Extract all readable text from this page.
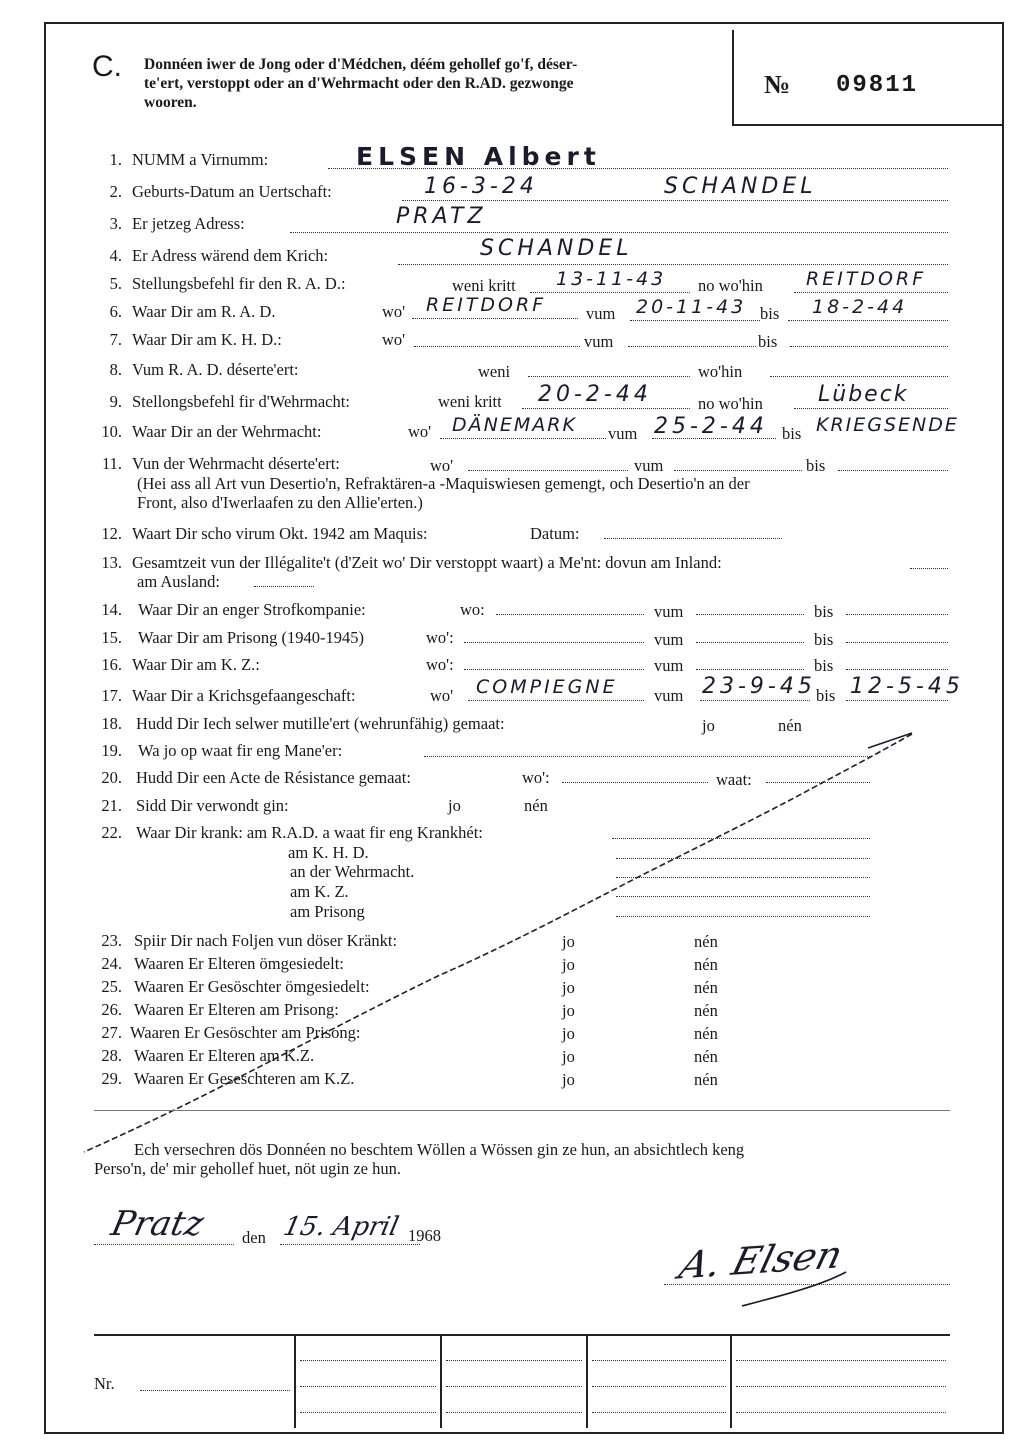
C. Donnéen iwer de Jong oder d'Médchen, déém gehollef go'f, déser-
te'ert, verstoppt oder an d'Wehrmacht oder den R.AD. gezwonge
wooren.
№ 09811
1. NUMM a Virnumm:	ELSEN Albert
2. Geburts-Datum an Uertschaft:	16-3-24	SCHANDEL
3. Er jetzeg Adress:	PRATZ
4. Er Adress wärend dem Krich:	SCHANDEL
5. Stellungsbefehl fir den R. A. D.:	weni kritt 13-11-43 no wo'hin REITDORF
6. Waar Dir am R. A. D.	wo' REITDORF vum 20-11-43 bis 18-2-44
7. Waar Dir am K. H. D.:	wo'	vum	bis
8. Vum R. A. D. déserte'ert:	weni	wo'hin
9. Stellongsbefehl fir d'Wehrmacht:	weni kritt 20-2-44	no wo'hin	Lübeck
10. Waar Dir an der Wehrmacht:	wo' DÄNEMARK vum 25-2-44 bis KRIEGSENDE
11. Vun der Wehrmacht déserte'ert:	wo'	vum	bis
(Hei ass all Art vun Desertio'n, Refraktären-a -Maquiswiesen gemengt, och Desertio'n an der
Front, also d'Iwerlaafen zu den Allie'erten.)
12. Waart Dir scho virum Okt. 1942 am Maquis:	Datum:
13. Gesamtzeit vun der Illégalite't (d'Zeit wo' Dir verstoppt waart) a Me'nt: dovun am Inland:
am Ausland:
14. Waar Dir an enger Strofkompanie:	wo:	vum	bis
15. Waar Dir am Prisong (1940-1945)	wo':	vum	bis
16. Waar Dir am K. Z.:	wo':	vum	bis
17. Waar Dir a Krichsgefaangeschaft:	wo' COMPIEGNE vum 23-9-45 bis 12-5-45
18. Hudd Dir Iech selwer mutille'ert (wehrunfähig) gemaat:	jo	nén
19. Wa jo op waat fir eng Mane'er:
20. Hudd Dir een Acte de Résistance gemaat:	wo':	waat:
21. Sidd Dir verwondt gin:	jo	nén
22. Waar Dir krank: am R.A.D. a waat fir eng Krankhét:
am K. H. D.
an der Wehrmacht.
am K. Z.
am Prisong
23. Spiir Dir nach Foljen vun döser Kränkt:	jo	nén
24. Waaren Er Elteren ömgesiedelt:	jo	nén
25. Waaren Er Gesöschter ömgesiedelt:	jo	nén
26. Waaren Er Elteren am Prisong:	jo	nén
27. Waaren Er Gesöschter am Prisong:	jo	nén
28. Waaren Er Elteren am K.Z.	jo	nén
29. Waaren Er Geseschteren am K.Z.	jo	nén
Ech versechren dös Donnéen no beschtem Wöllen a Wössen gin ze hun, an absichtlech keng
Perso'n, de' mir gehollef huet, nöt ugin ze hun.
Pratz den 15. April 1968	A. Elsen
Nr.
